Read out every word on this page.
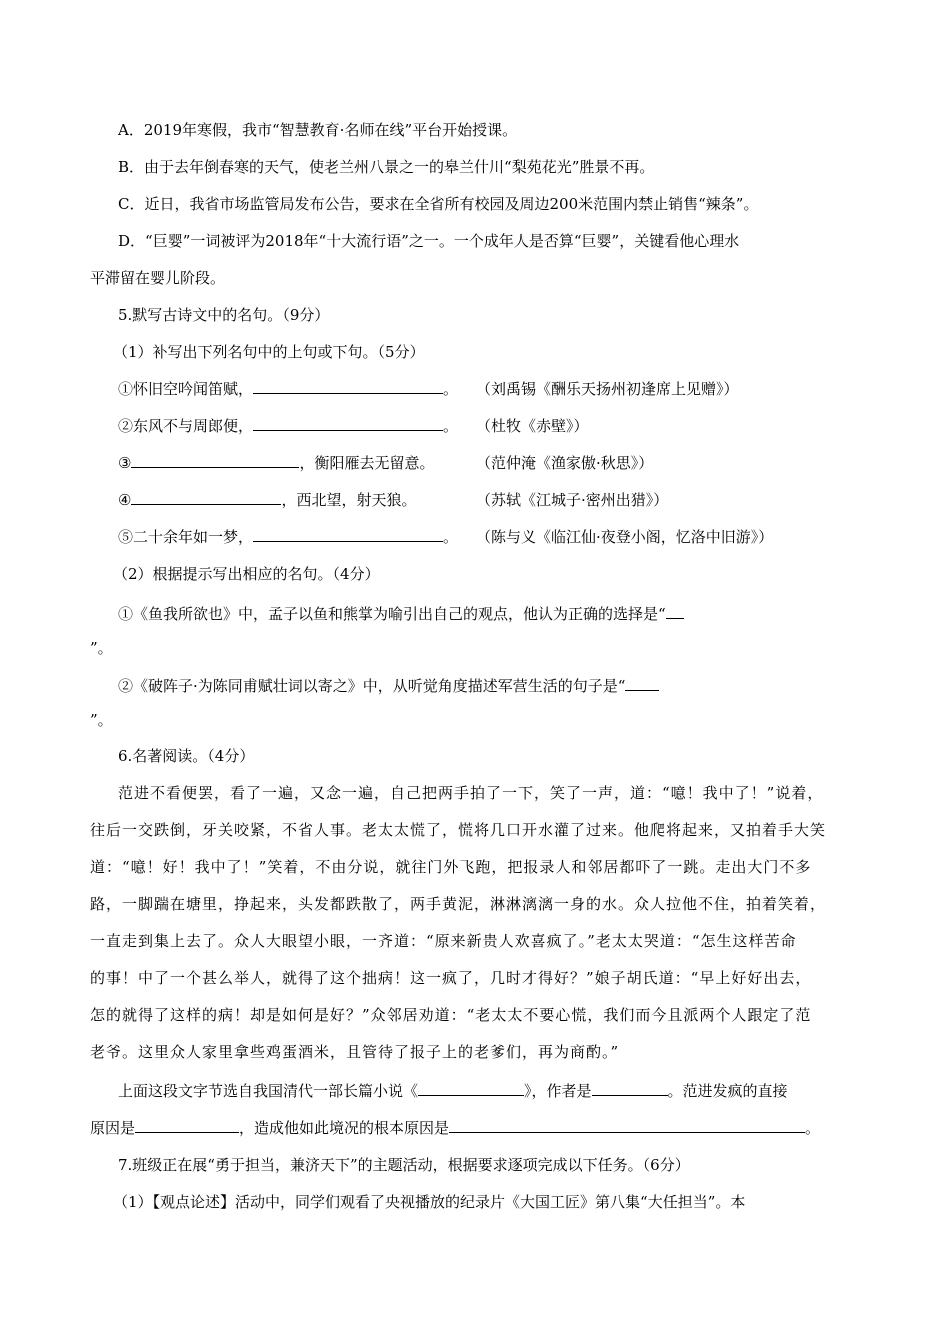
A．2019年寒假，我市“智慧教育·名师在线”平台开始授课。
B．由于去年倒春寒的天气，使老兰州八景之一的皋兰什川“梨苑花光”胜景不再。
C．近日，我省市场监管局发布公告，要求在全省所有校园及周边200米范围内禁止销售“辣条”。
D．“巨婴”一词被评为2018年“十大流行语”之一。一个成年人是否算“巨婴”，关键看他心理水
平滞留在婴儿阶段。
5.默写古诗文中的名句。（9分）
（1）补写出下列名句中的上句或下句。（5分）
①怀旧空吟闻笛赋，	。 （刘禹锡《酬乐天扬州初逢席上见赠》）
②东风不与周郎便，	。 （杜牧《赤壁》）
③	，衡阳雁去无留意。	（范仲淹《渔家傲·秋思》）
④	，西北望，射天狼。	（苏轼《江城子·密州出猎》）
⑤二十余年如一梦，	。 （陈与义《临江仙·夜登小阁，忆洛中旧游》）
（2）根据提示写出相应的名句。（4分）
①《鱼我所欲也》中，孟子以鱼和熊掌为喻引出自己的观点，他认为正确的选择是“
”。
②《破阵子·为陈同甫赋壮词以寄之》中，从听觉角度描述军营生活的句子是“
”。
6.名著阅读。（4分）
范进不看便罢，看了一遍，又念一遍，自己把两手拍了一下，笑了一声，道：“噫！我中了！”说着，
往后一交跌倒，牙关咬紧，不省人事。老太太慌了，慌将几口开水灌了过来。他爬将起来，又拍着手大笑
道：“噫！好！我中了！”笑着，不由分说，就往门外飞跑，把报录人和邻居都吓了一跳。走出大门不多
路，一脚踹在塘里，挣起来，头发都跌散了，两手黄泥，淋淋漓漓一身的水。众人拉他不住，拍着笑着，
一直走到集上去了。众人大眼望小眼，一齐道：“原来新贵人欢喜疯了。”老太太哭道：“怎生这样苦命
的事！中了一个甚么举人，就得了这个拙病！这一疯了，几时才得好？”娘子胡氏道：“早上好好出去，
怎的就得了这样的病！却是如何是好？”众邻居劝道：“老太太不要心慌，我们而今且派两个人跟定了范
老爷。这里众人家里拿些鸡蛋酒米，且管待了报子上的老爹们，再为商酌。”
上面这段文字节选自我国清代一部长篇小说《	》，作者是	。范进发疯的直接
原因是	，造成他如此境况的根本原因是	。
7.班级正在展“勇于担当，兼济天下”的主题活动，根据要求逐项完成以下任务。（6分）
（1）【观点论述】活动中，同学们观看了央视播放的纪录片《大国工匠》第八集“大任担当”。本
